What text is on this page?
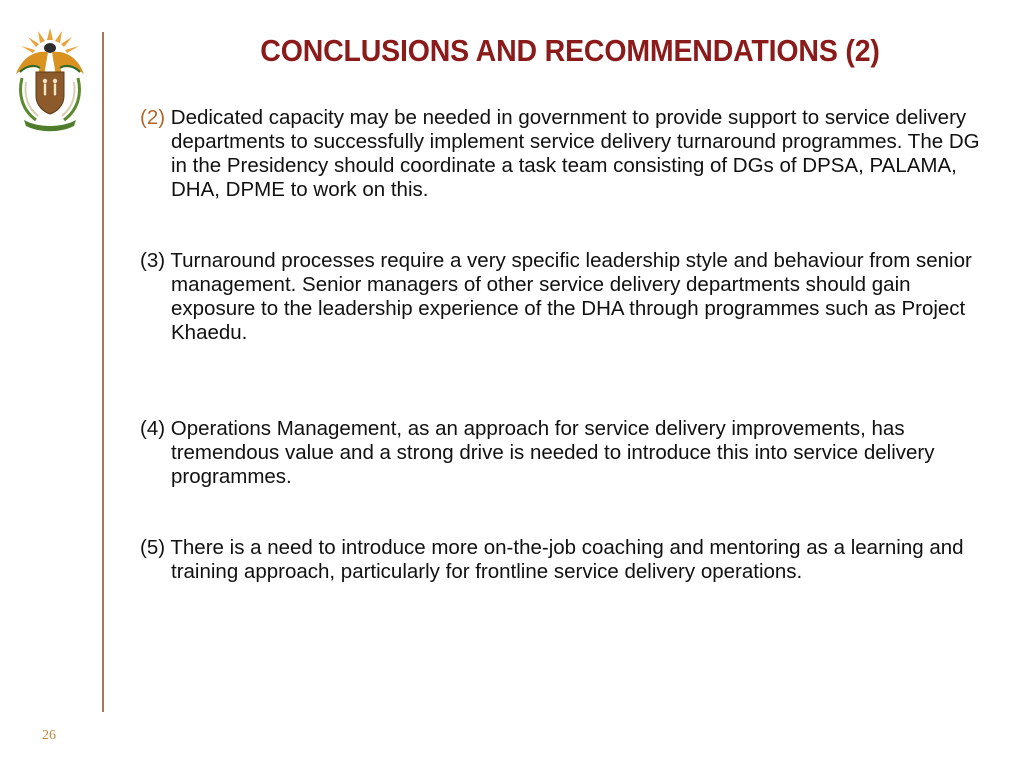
CONCLUSIONS AND RECOMMENDATIONS (2)

(2) Dedicated capacity may be needed in government to provide support to service delivery departments to successfully implement service delivery turnaround programmes. The DG in the Presidency should coordinate a task team consisting of DGs of DPSA, PALAMA, DHA, DPME to work on this.

(3) Turnaround processes require a very specific leadership style and behaviour from senior management. Senior managers of other service delivery departments should gain exposure to the leadership experience of the DHA through programmes such as Project Khaedu.

(4) Operations Management, as an approach for service delivery improvements, has tremendous value and a strong drive is needed to introduce this into service delivery programmes.

(5) There is a need to introduce more on-the-job coaching and mentoring as a learning and training approach, particularly for frontline service delivery operations.

26
